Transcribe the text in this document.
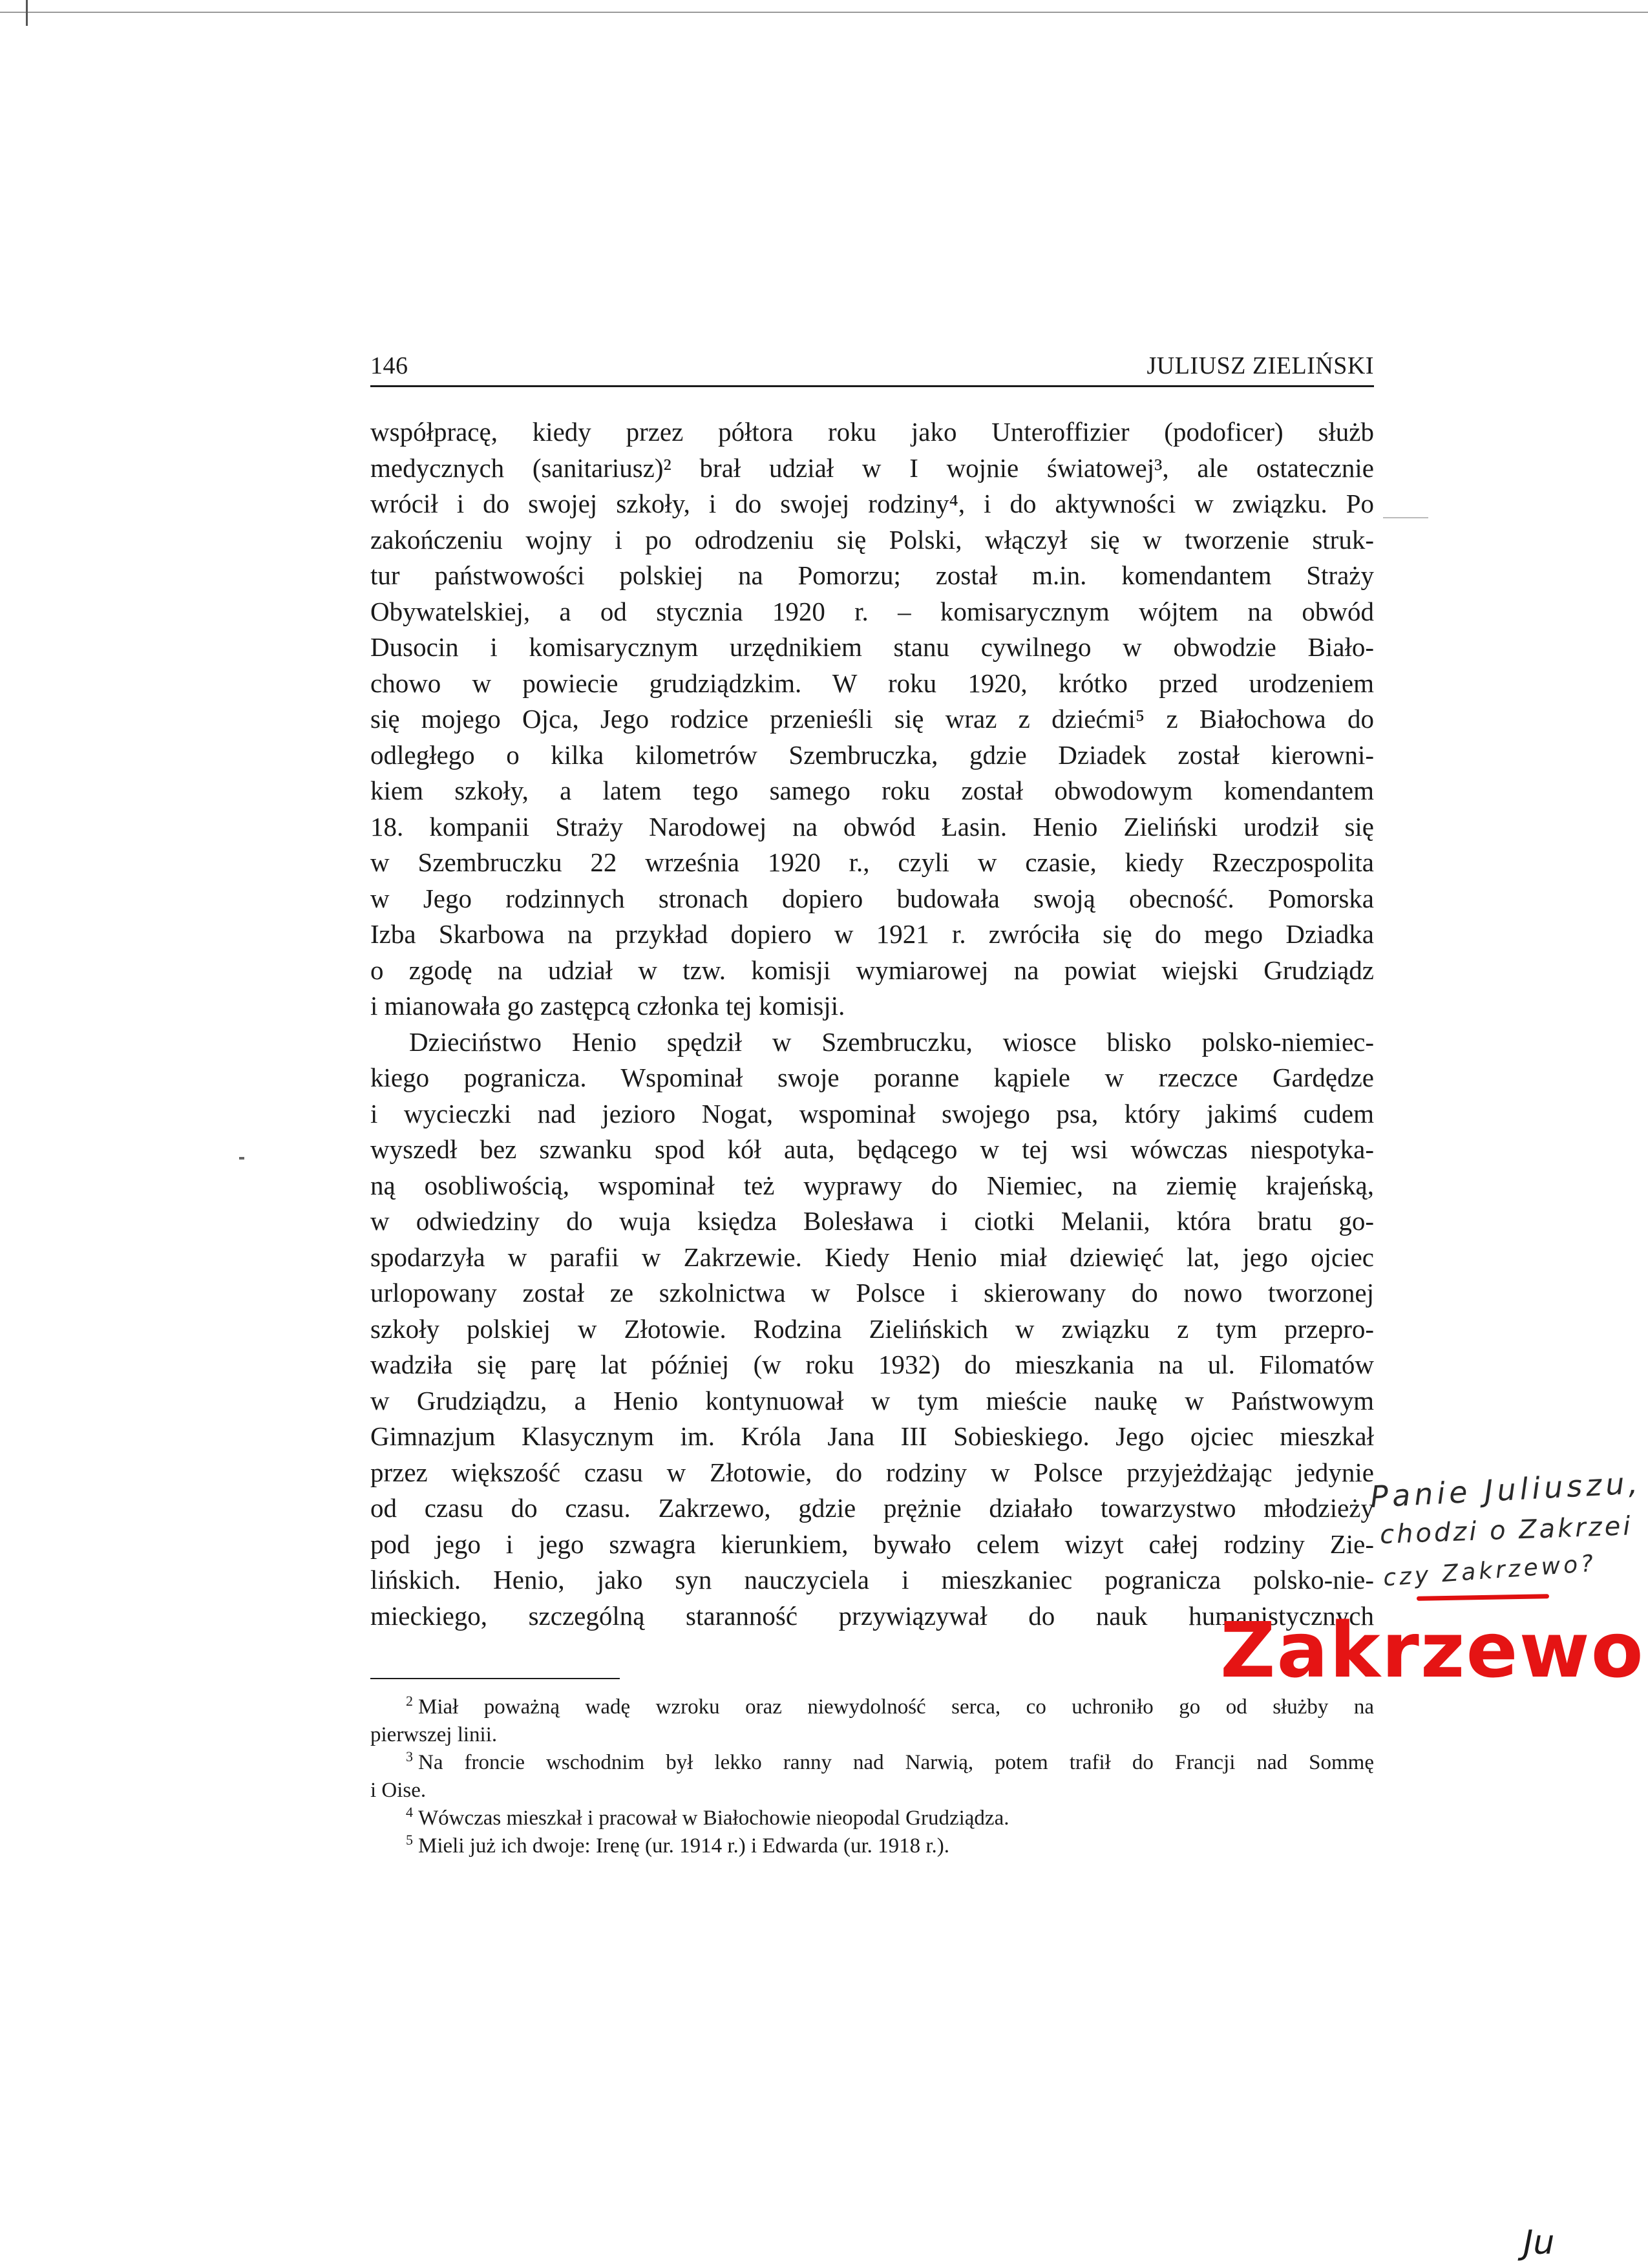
146	JULIUSZ ZIELIŃSKI
współpracę, kiedy przez półtora roku jako Unteroffizier (podoficer) służb
medycznych (sanitariusz)² brał udział w I wojnie światowej³, ale ostatecznie
wrócił i do swojej szkoły, i do swojej rodziny⁴, i do aktywności w związku. Po
zakończeniu wojny i po odrodzeniu się Polski, włączył się w tworzenie struk-
tur państwowości polskiej na Pomorzu; został m.in. komendantem Straży
Obywatelskiej, a od stycznia 1920 r. – komisarycznym wójtem na obwód
Dusocin i komisarycznym urzędnikiem stanu cywilnego w obwodzie Biało-
chowo w powiecie grudziądzkim. W roku 1920, krótko przed urodzeniem
się mojego Ojca, Jego rodzice przenieśli się wraz z dziećmi⁵ z Białochowa do
odległego o kilka kilometrów Szembruczka, gdzie Dziadek został kierowni-
kiem szkoły, a latem tego samego roku został obwodowym komendantem
18. kompanii Straży Narodowej na obwód Łasin. Henio Zieliński urodził się
w Szembruczku 22 września 1920 r., czyli w czasie, kiedy Rzeczpospolita
w Jego rodzinnych stronach dopiero budowała swoją obecność. Pomorska
Izba Skarbowa na przykład dopiero w 1921 r. zwróciła się do mego Dziadka
o zgodę na udział w tzw. komisji wymiarowej na powiat wiejski Grudziądz
i mianowała go zastępcą członka tej komisji.
Dzieciństwo Henio spędził w Szembruczku, wiosce blisko polsko-niemiec-
kiego pogranicza. Wspominał swoje poranne kąpiele w rzeczce Gardędze
i wycieczki nad jezioro Nogat, wspominał swojego psa, który jakimś cudem
wyszedł bez szwanku spod kół auta, będącego w tej wsi wówczas niespotyka-
ną osobliwością, wspominał też wyprawy do Niemiec, na ziemię krajeńską,
w odwiedziny do wuja księdza Bolesława i ciotki Melanii, która bratu go-
spodarzyła w parafii w Zakrzewie. Kiedy Henio miał dziewięć lat, jego ojciec
urlopowany został ze szkolnictwa w Polsce i skierowany do nowo tworzonej
szkoły polskiej w Złotowie. Rodzina Zielińskich w związku z tym przepro-
wadziła się parę lat później (w roku 1932) do mieszkania na ul. Filomatów
w Grudziądzu, a Henio kontynuował w tym mieście naukę w Państwowym
Gimnazjum Klasycznym im. Króla Jana III Sobieskiego. Jego ojciec mieszkał
przez większość czasu w Złotowie, do rodziny w Polsce przyjeżdżając jedynie
od czasu do czasu. Zakrzewo, gdzie prężnie działało towarzystwo młodzieży
pod jego i jego szwagra kierunkiem, bywało celem wizyt całej rodziny Zie-
lińskich. Henio, jako syn nauczyciela i mieszkaniec pogranicza polsko-nie-
mieckiego, szczególną staranność przywiązywał do nauk humanistycznych
$^2$ Miał poważną wadę wzroku oraz niewydolność serca, co uchroniło go od służby na
pierwszej linii.
$^3$ Na froncie wschodnim był lekko ranny nad Narwią, potem trafił do Francji nad Sommę
i Oise.
$^4$ Wówczas mieszkał i pracował w Białochowie nieopodal Grudziądza.
$^5$ Mieli już ich dwoje: Irenę (ur. 1914 r.) i Edwarda (ur. 1918 r.).
Panie Juliuszu,
chodzi o Zakrzei
czy Zakrzewo?
Zakrzewo
Ju
